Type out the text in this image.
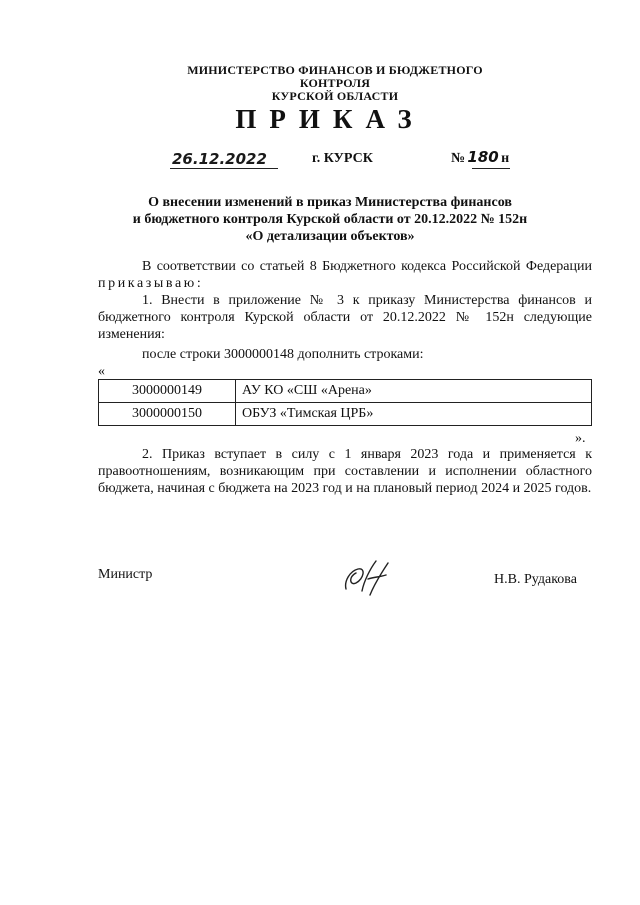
МИНИСТЕРСТВО ФИНАНСОВ И БЮДЖЕТНОГО КОНТРОЛЯ
КУРСКОЙ ОБЛАСТИ
ПРИКАЗ
26.12.2022	г. КУРСК	№ 180 н
О внесении изменений в приказ Министерства финансов
и бюджетного контроля Курской области от 20.12.2022 № 152н
«О детализации объектов»
В соответствии со статьей 8 Бюджетного кодекса Российской Федерации приказываю:
1. Внести в приложение № 3 к приказу Министерства финансов и бюджетного контроля Курской области от 20.12.2022 № 152н следующие изменения:
после строки 3000000148 дополнить строками:
«
3000000149	АУ КО «СШ «Арена»
3000000150	ОБУЗ «Тимская ЦРБ»
».
2. Приказ вступает в силу с 1 января 2023 года и применяется к правоотношениям, возникающим при составлении и исполнении областного бюджета, начиная с бюджета на 2023 год и на плановый период 2024 и 2025 годов.
Министр	Н.В. Рудакова
